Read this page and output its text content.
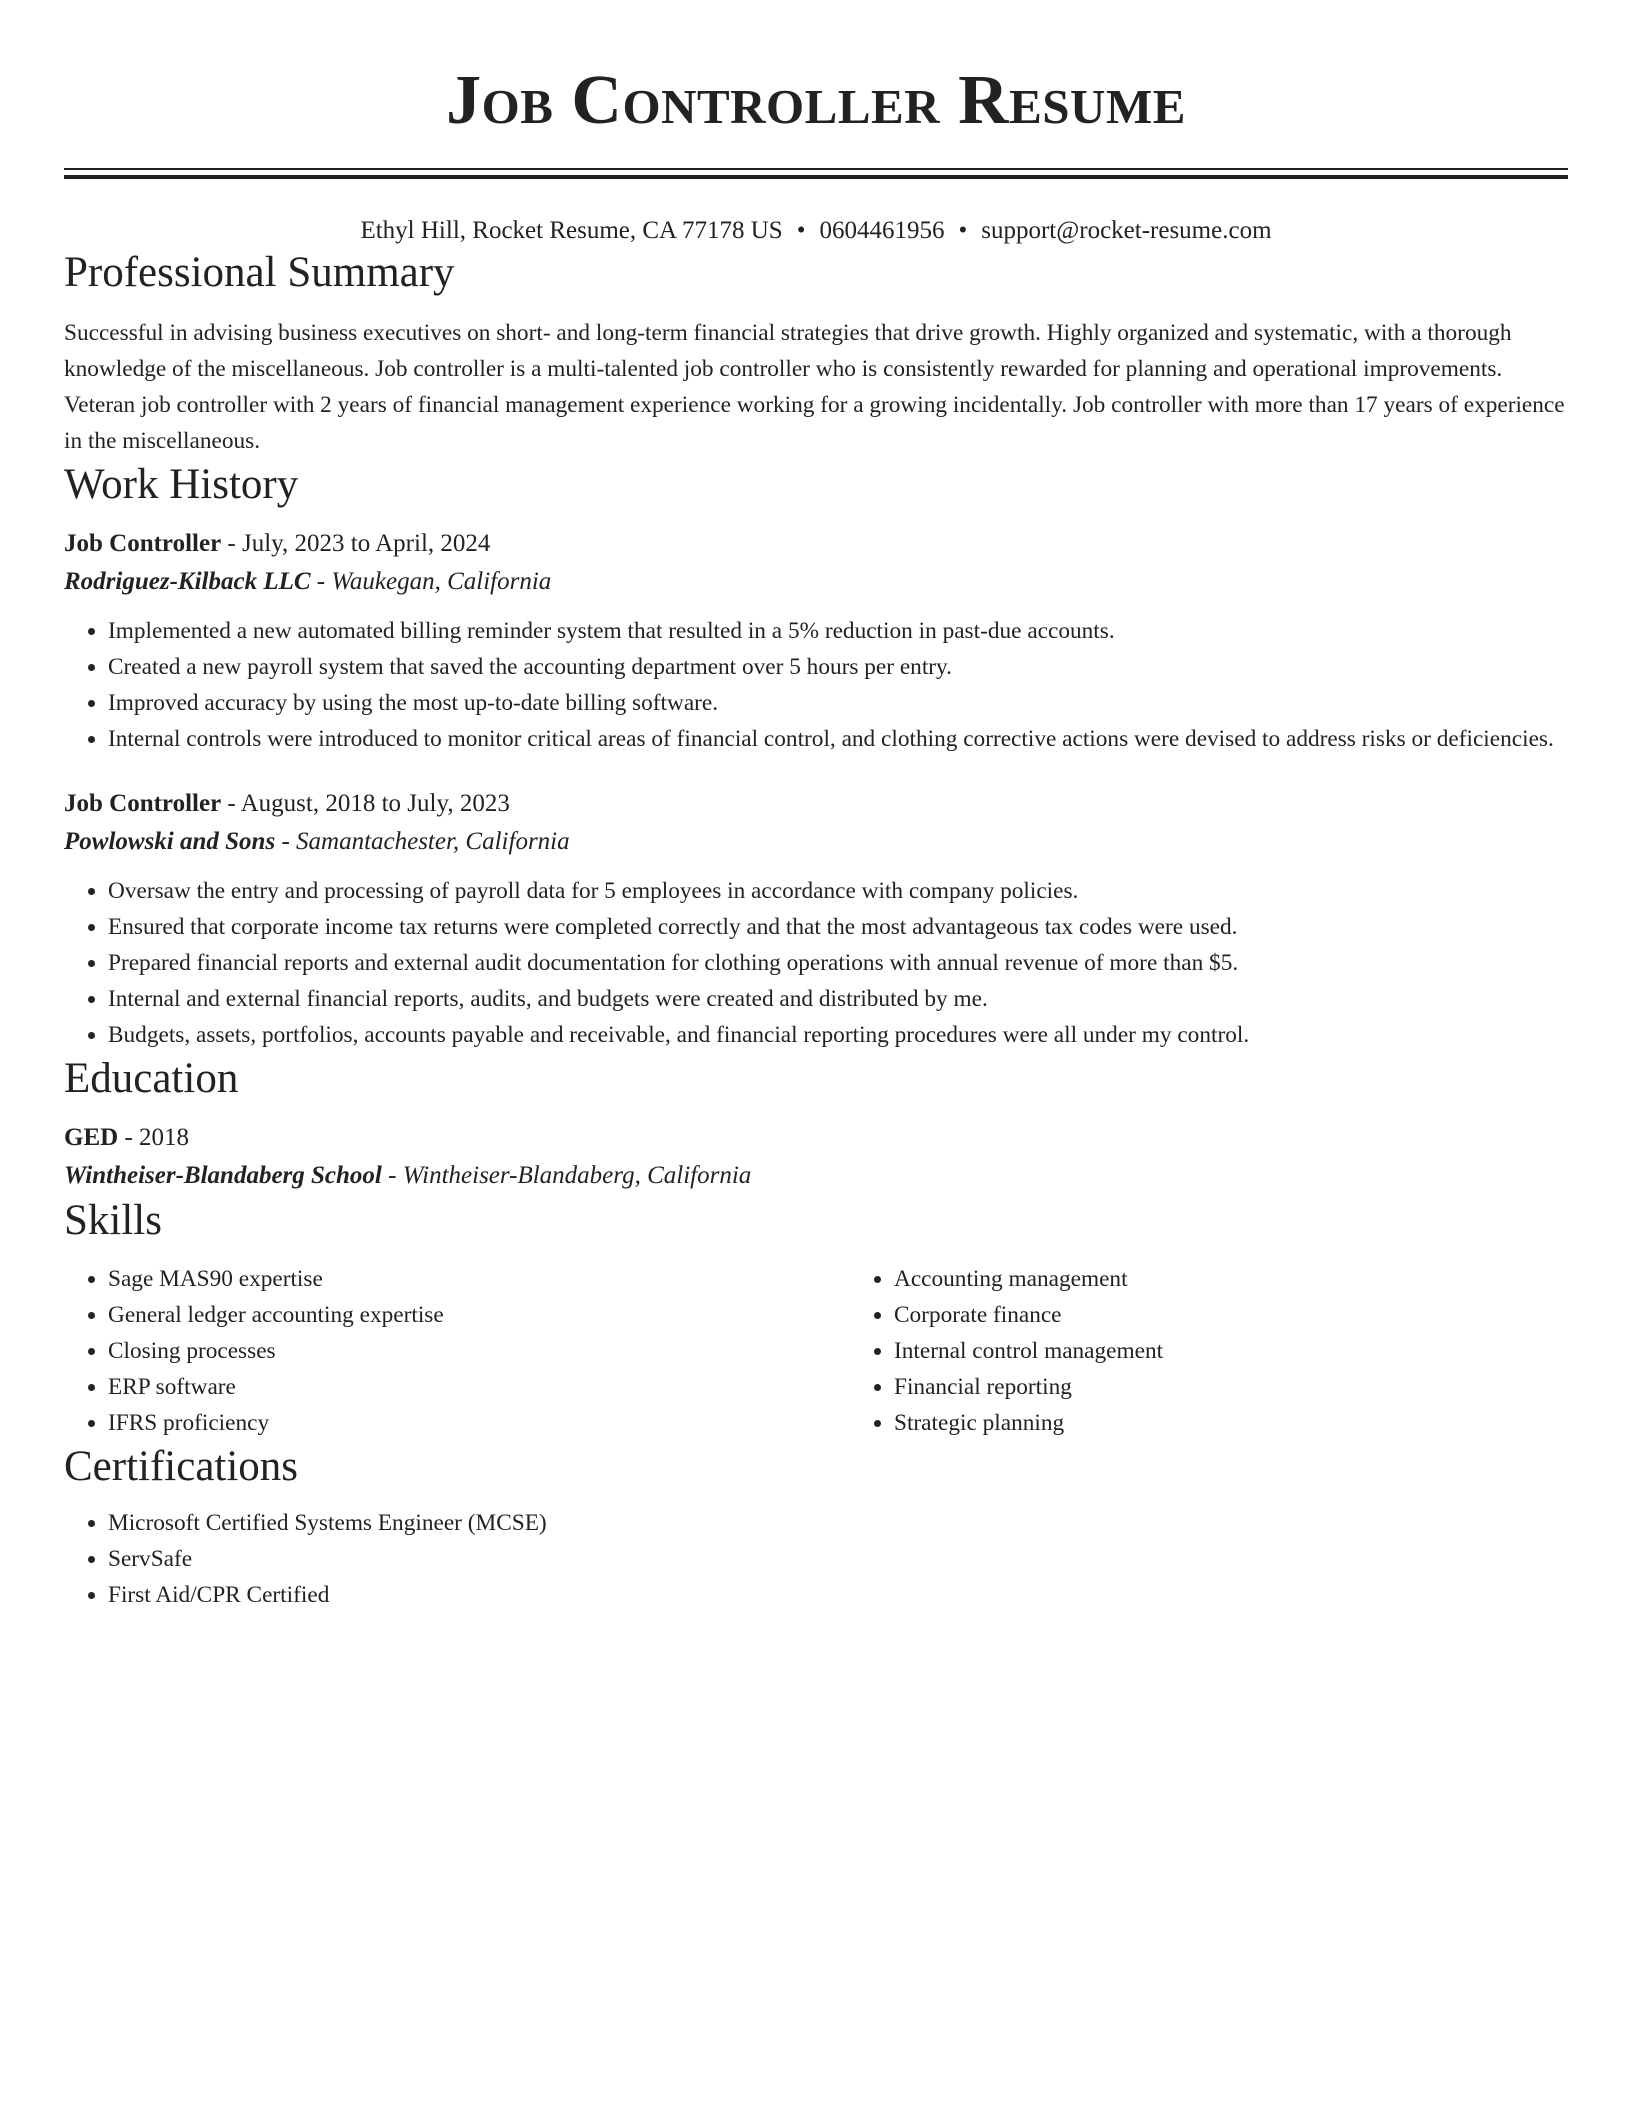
Job Controller Resume
Ethyl Hill, Rocket Resume, CA 77178 US • 0604461956 • support@rocket-resume.com
Professional Summary

Successful in advising business executives on short- and long-term financial strategies that drive growth. Highly organized and systematic, with a thorough knowledge of the miscellaneous. Job controller is a multi-talented job controller who is consistently rewarded for planning and operational improvements. Veteran job controller with 2 years of financial management experience working for a growing incidentally. Job controller with more than 17 years of experience in the miscellaneous.

Work History
Job Controller - July, 2023 to April, 2024
Rodriguez-Kilback LLC - Waukegan, California
• Implemented a new automated billing reminder system that resulted in a 5% reduction in past-due accounts.
• Created a new payroll system that saved the accounting department over 5 hours per entry.
• Improved accuracy by using the most up-to-date billing software.
• Internal controls were introduced to monitor critical areas of financial control, and clothing corrective actions were devised to address risks or deficiencies.
Job Controller - August, 2018 to July, 2023
Powlowski and Sons - Samantachester, California
• Oversaw the entry and processing of payroll data for 5 employees in accordance with company policies.
• Ensured that corporate income tax returns were completed correctly and that the most advantageous tax codes were used.
• Prepared financial reports and external audit documentation for clothing operations with annual revenue of more than $5.
• Internal and external financial reports, audits, and budgets were created and distributed by me.
• Budgets, assets, portfolios, accounts payable and receivable, and financial reporting procedures were all under my control.
Education
GED - 2018
Wintheiser-Blandaberg School - Wintheiser-Blandaberg, California
Skills
• Sage MAS90 expertise
• General ledger accounting expertise
• Closing processes
• ERP software
• IFRS proficiency
• Accounting management
• Corporate finance
• Internal control management
• Financial reporting
• Strategic planning
Certifications
• Microsoft Certified Systems Engineer (MCSE)
• ServSafe
• First Aid/CPR Certified
